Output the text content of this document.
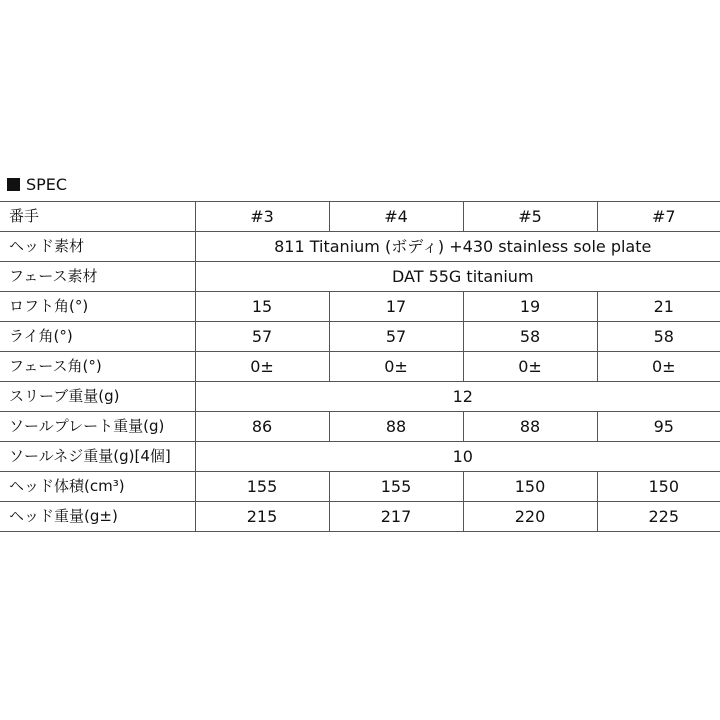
SPEC
番手	#3	#4	#5	#7
ヘッド素材	811 Titanium (ボディ) +430 stainless sole plate			
フェース素材	DAT 55G titanium			
ロフト角(°)	15	17	19	21
ライ角(°)	57	57	58	58
フェース角(°)	0±	0±	0±	0±
スリーブ重量(g)	12			
ソールプレート重量(g)	86	88	88	95
ソールネジ重量(g)[4個]	10			
ヘッド体積(cm³)	155	155	150	150
ヘッド重量(g±)	215	217	220	225
